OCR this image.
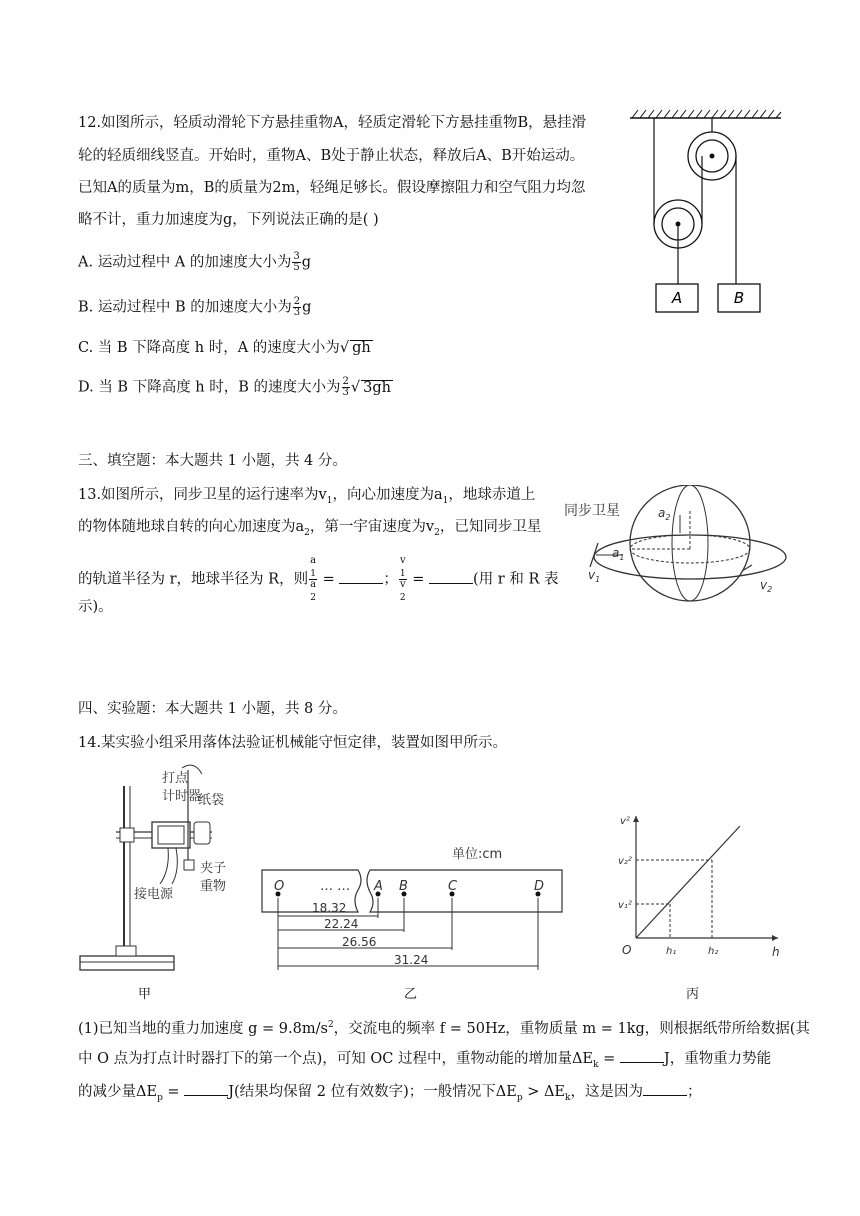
12.如图所示，轻质动滑轮下方悬挂重物A，轻质定滑轮下方悬挂重物B，悬挂滑
轮的轻质细线竖直。开始时，重物A、B处于静止状态，释放后A、B开始运动。
已知A的质量为m，B的质量为2m，轻绳足够长。假设摩擦阻力和空气阻力均忽
略不计，重力加速度为g，下列说法正确的是( )
A. 运动过程中 A 的加速度大小为 $\frac{3}{5}$ g
B. 运动过程中 B 的加速度大小为 $\frac{2}{3}$ g
C. 当 B 下降高度 h 时，A 的速度大小为√ gh
D. 当 B 下降高度 h 时，B 的速度大小为 $\frac{2}{3}$ √ 3gh
A	B
三、填空题：本大题共 1 小题，共 4 分。
13.如图所示，同步卫星的运行速率为$v_1$，向心加速度为$a_1$，地球赤道上
的物体随地球自转的向心加速度为$a_2$，第一宇宙速度为$v_2$，已知同步卫星
的轨道半径为 r，地球半径为 R，则 a
$_1$
a
$_2$ =	； v
$_1$
v
$_2$ =	(用 r 和 R 表
示)。
同步卫星	$a_2$
$a_1$
$v_1$	$v_2$
四、实验题：本大题共 1 小题，共 8 分。
14.某实验小组采用落体法验证机械能守恒定律，装置如图甲所示。
打点
计时器
纸袋
夹子
重物
接电源
甲
单位:cm
O	… … A B	C	D
18.32
22.24
26.56
31.24
乙
v²
h
O
v₂²
v₁²
h₁	h₂
丙
(1)已知当地的重力加速度 $g = 9.8m/s^2$，交流电的频率 f = 50Hz，重物质量 m = 1kg，则根据纸带所给数据(其
中 O 点为打点计时器打下的第一个点)，可知 OC 过程中，重物动能的增加量$\Delta E_k$ =	J，重物重力势能
的减少量$\Delta E_p$ =	J(结果均保留 2 位有效数字)；一般情况下$\Delta E_p > \Delta E_k$，这是因为	；
